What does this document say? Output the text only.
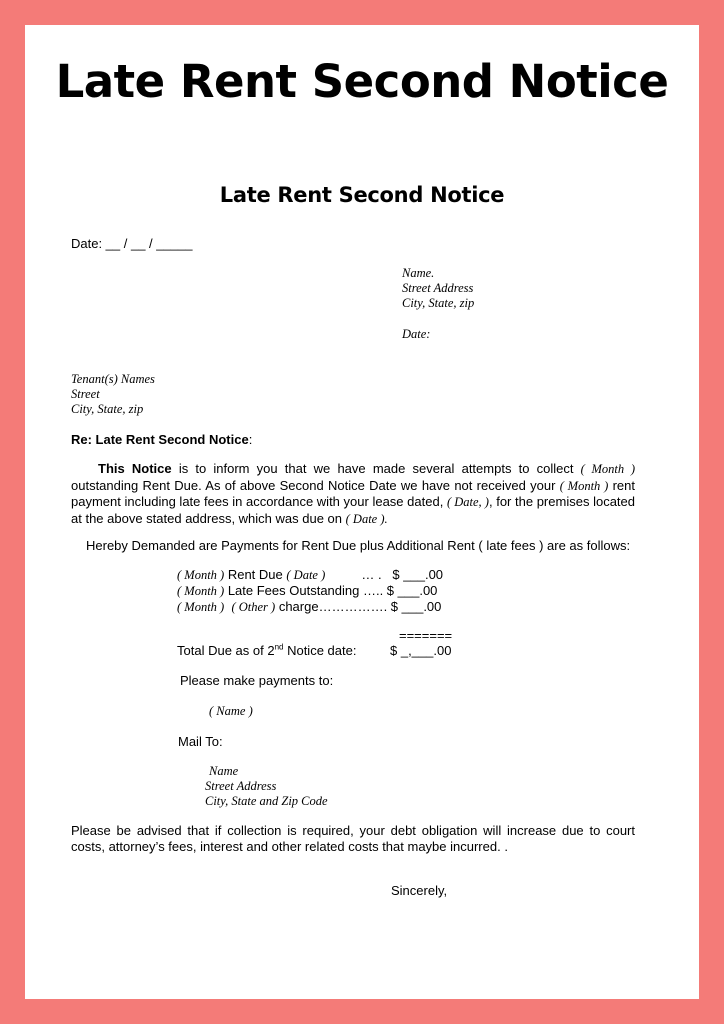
Late Rent Second Notice
Late Rent Second Notice
Date: __ / __ / _____
Name.
Street Address
City, State, zip
Date:
Tenant(s) Names
Street
City, State, zip
Re: Late Rent Second Notice:
This Notice is to inform you that we have made several attempts to collect ( Month ) outstanding Rent Due. As of above Second Notice Date we have not received your ( Month ) rent payment including late fees in accordance with your lease dated, ( Date, ), for the premises located at the above stated address, which was due on ( Date ).
Hereby Demanded are Payments for Rent Due plus Additional Rent ( late fees ) are as follows:
( Month ) Rent Due ( Date )          … .   $ ___.00
( Month ) Late Fees Outstanding ….. $ ___.00
( Month ) ( Other ) charge……………. $ ___.00
=======
Total Due as of 2nd Notice date:	$ _,___.00
Please make payments to:
( Name )
Mail To:
Name
Street Address
City, State and Zip Code
Please be advised that if collection is required, your debt obligation will increase due to court costs, attorney’s fees, interest and other related costs that maybe incurred. .
Sincerely,
